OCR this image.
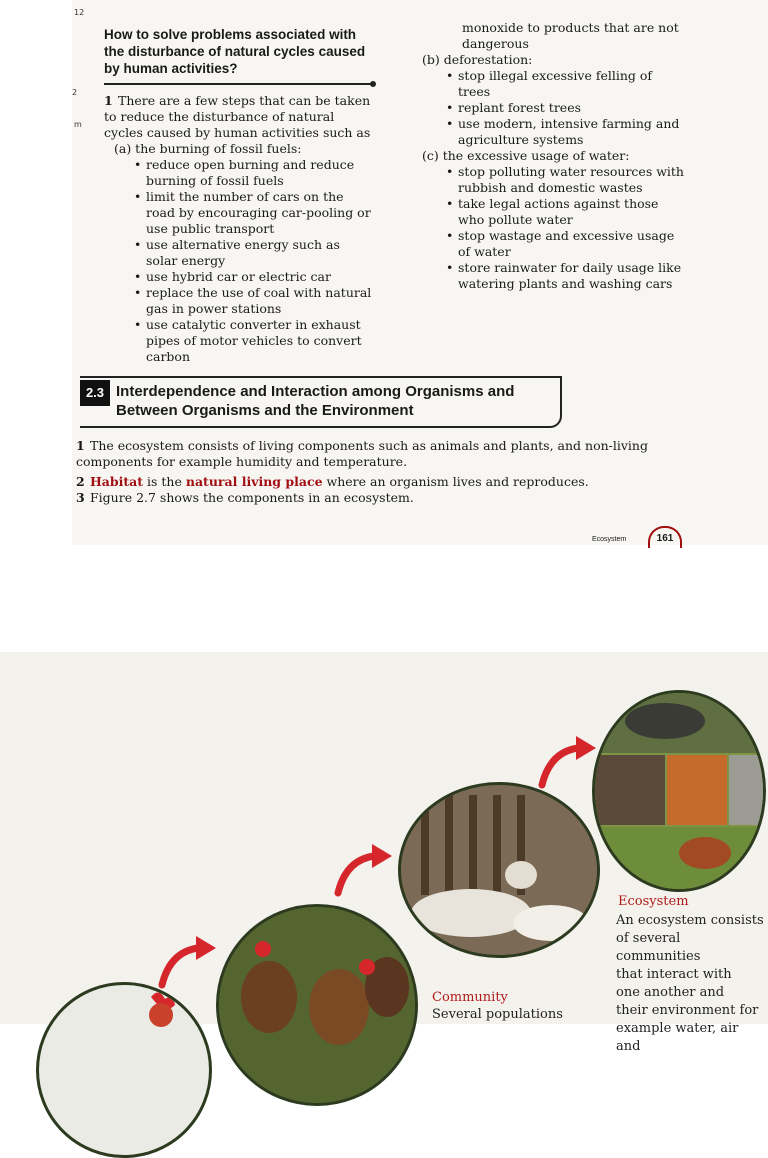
12
2
m
How to solve problems associated with the disturbance of natural cycles caused by human activities?

1 There are a few steps that can be taken to reduce the disturbance of natural cycles caused by human activities such as

(a) the burning of fossil fuels:

• reduce open burning and reduce burning of fossil fuels
• limit the number of cars on the road by encouraging car-pooling or use public transport
• use alternative energy such as solar energy
• use hybrid car or electric car
• replace the use of coal with natural gas in power stations
• use catalytic converter in exhaust pipes of motor vehicles to convert carbon

monoxide to products that are not dangerous

(b) deforestation:

• stop illegal excessive felling of trees
• replant forest trees
• use modern, intensive farming and agriculture systems

(c) the excessive usage of water:

• stop polluting water resources with rubbish and domestic wastes
• take legal actions against those who pollute water
• stop wastage and excessive usage of water
• store rainwater for daily usage like watering plants and washing cars
2.3 Interdependence and Interaction among Organisms and Between Organisms and the Environment

1 The ecosystem consists of living components such as animals and plants, and non-living components for example humidity and temperature.

2 Habitat is the natural living place where an organism lives and reproduces.

3 Figure 2.7 shows the components in an ecosystem.

Ecosystem	161
Community
Several populations
Ecosystem
An ecosystem consists
of several communities
that interact with
one another and
their environment for
example water, air and
